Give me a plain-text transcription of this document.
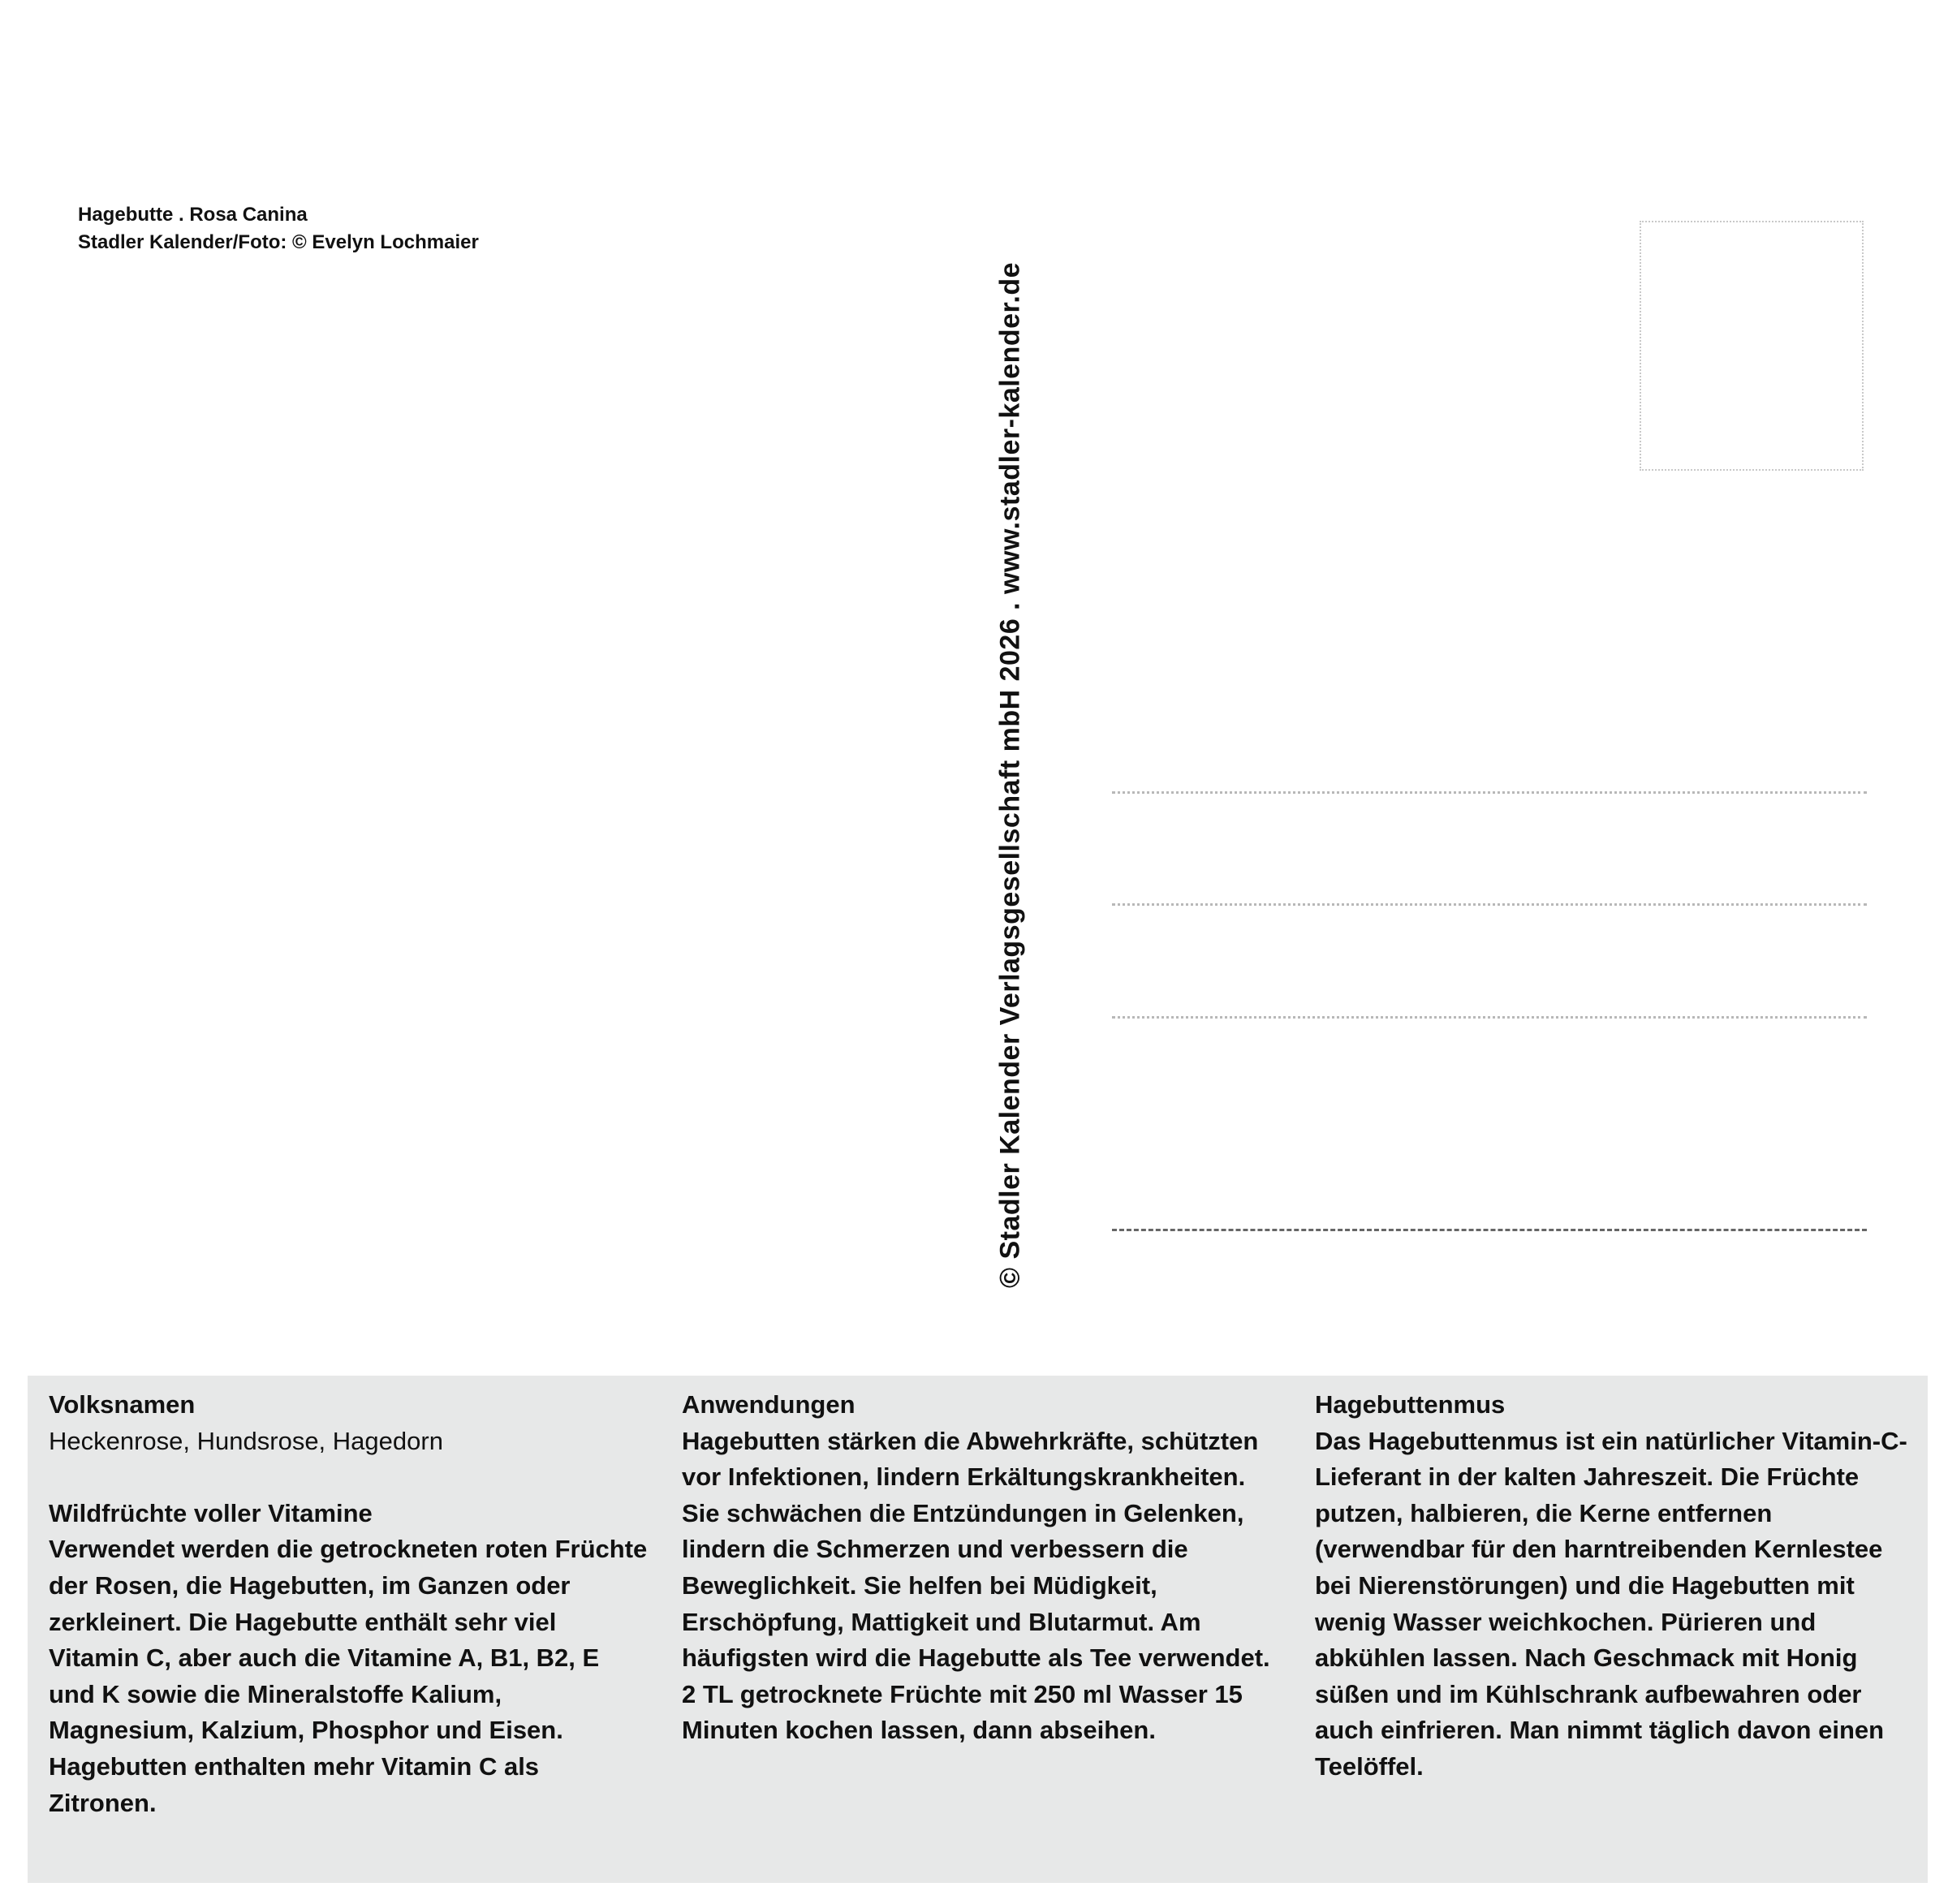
Hagebutte . Rosa Canina
Stadler Kalender/Foto: © Evelyn Lochmaier
© Stadler Kalender Verlagsgesellschaft mbH 2026 . www.stadler-kalender.de
Volksnamen

Heckenrose, Hundsrose, Hagedorn

Wildfrüchte voller Vitamine

Verwendet werden die getrockneten roten Früchte der Rosen, die Hagebutten, im Ganzen oder zerkleinert. Die Hagebutte enthält sehr viel Vitamin C, aber auch die Vitamine A, B1, B2, E und K sowie die Mineralstoffe Kalium, Magnesium, Kalzium, Phosphor und Eisen. Hagebutten enthalten mehr Vitamin C als Zitronen.

Anwendungen

Hagebutten stärken die Abwehrkräfte, schützten vor Infektionen, lindern Erkältungskrankheiten. Sie schwächen die Entzündungen in Gelenken, lindern die Schmerzen und verbessern die Beweglichkeit. Sie helfen bei Müdigkeit, Erschöpfung, Mattigkeit und Blutarmut. Am häufigsten wird die Hagebutte als Tee verwendet. 2 TL getrocknete Früchte mit 250 ml Wasser 15 Minuten kochen lassen, dann abseihen.

Hagebuttenmus

Das Hagebuttenmus ist ein natürlicher Vitamin-C-Lieferant in der kalten Jahreszeit. Die Früchte putzen, halbieren, die Kerne entfernen (verwendbar für den harntreibenden Kernlestee bei Nierenstörungen) und die Hagebutten mit wenig Wasser weichkochen. Pürieren und abkühlen lassen. Nach Geschmack mit Honig süßen und im Kühlschrank aufbewahren oder auch einfrieren. Man nimmt täglich davon einen Teelöffel.
